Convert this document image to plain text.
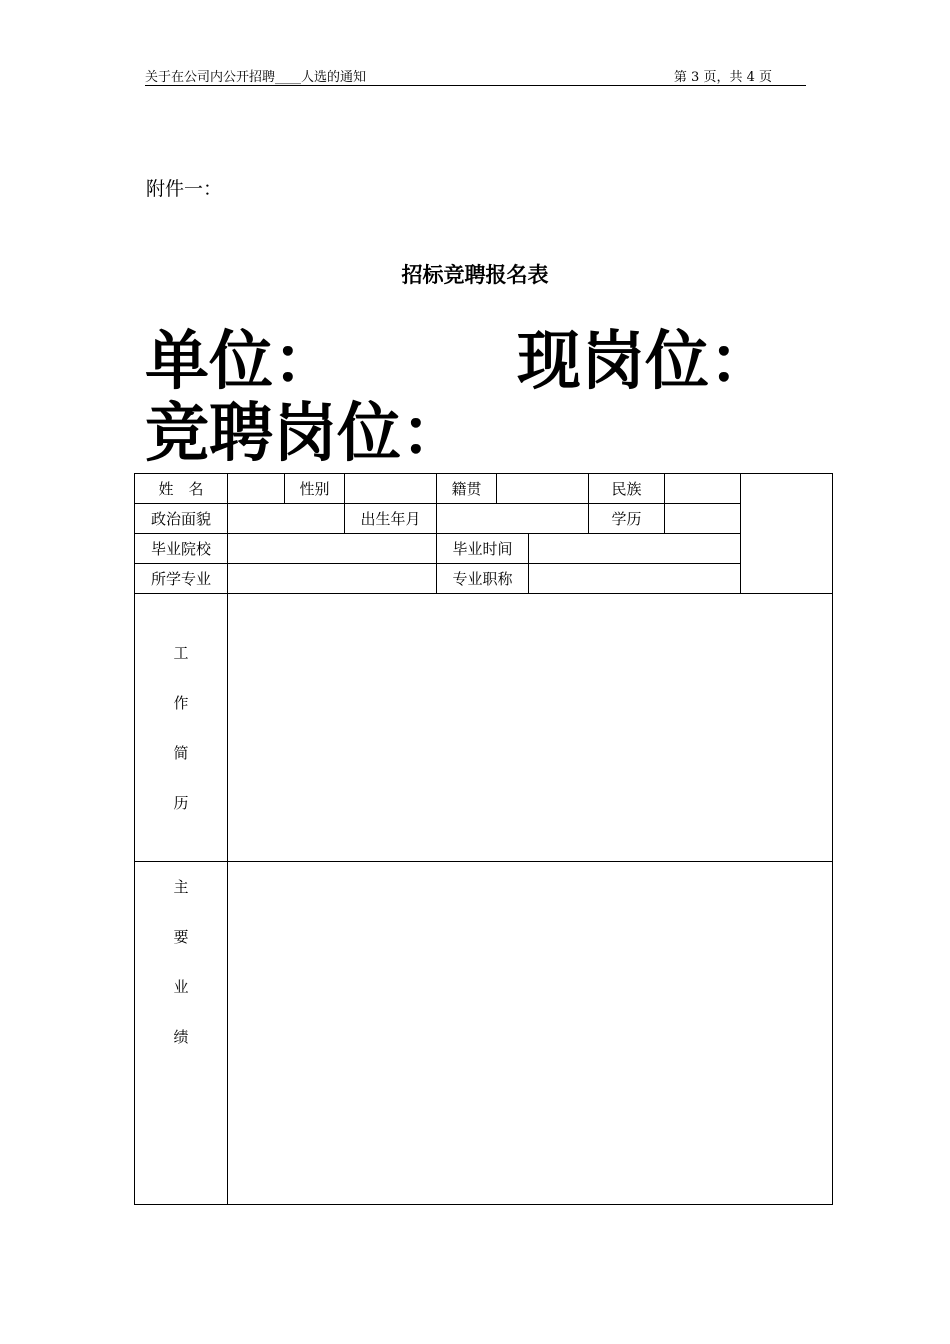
关于在公司内公开招聘____人选的通知	第 3 页，共 4 页
附件一：
招标竞聘报名表
单位：	现岗位：
竞聘岗位：
姓　名		性别		籍贯			民族		
政治面貌			出生年月				学历		
毕业院校				毕业时间					
所学专业				专业职称					

工
作
简
历									

主
要
业
绩									
